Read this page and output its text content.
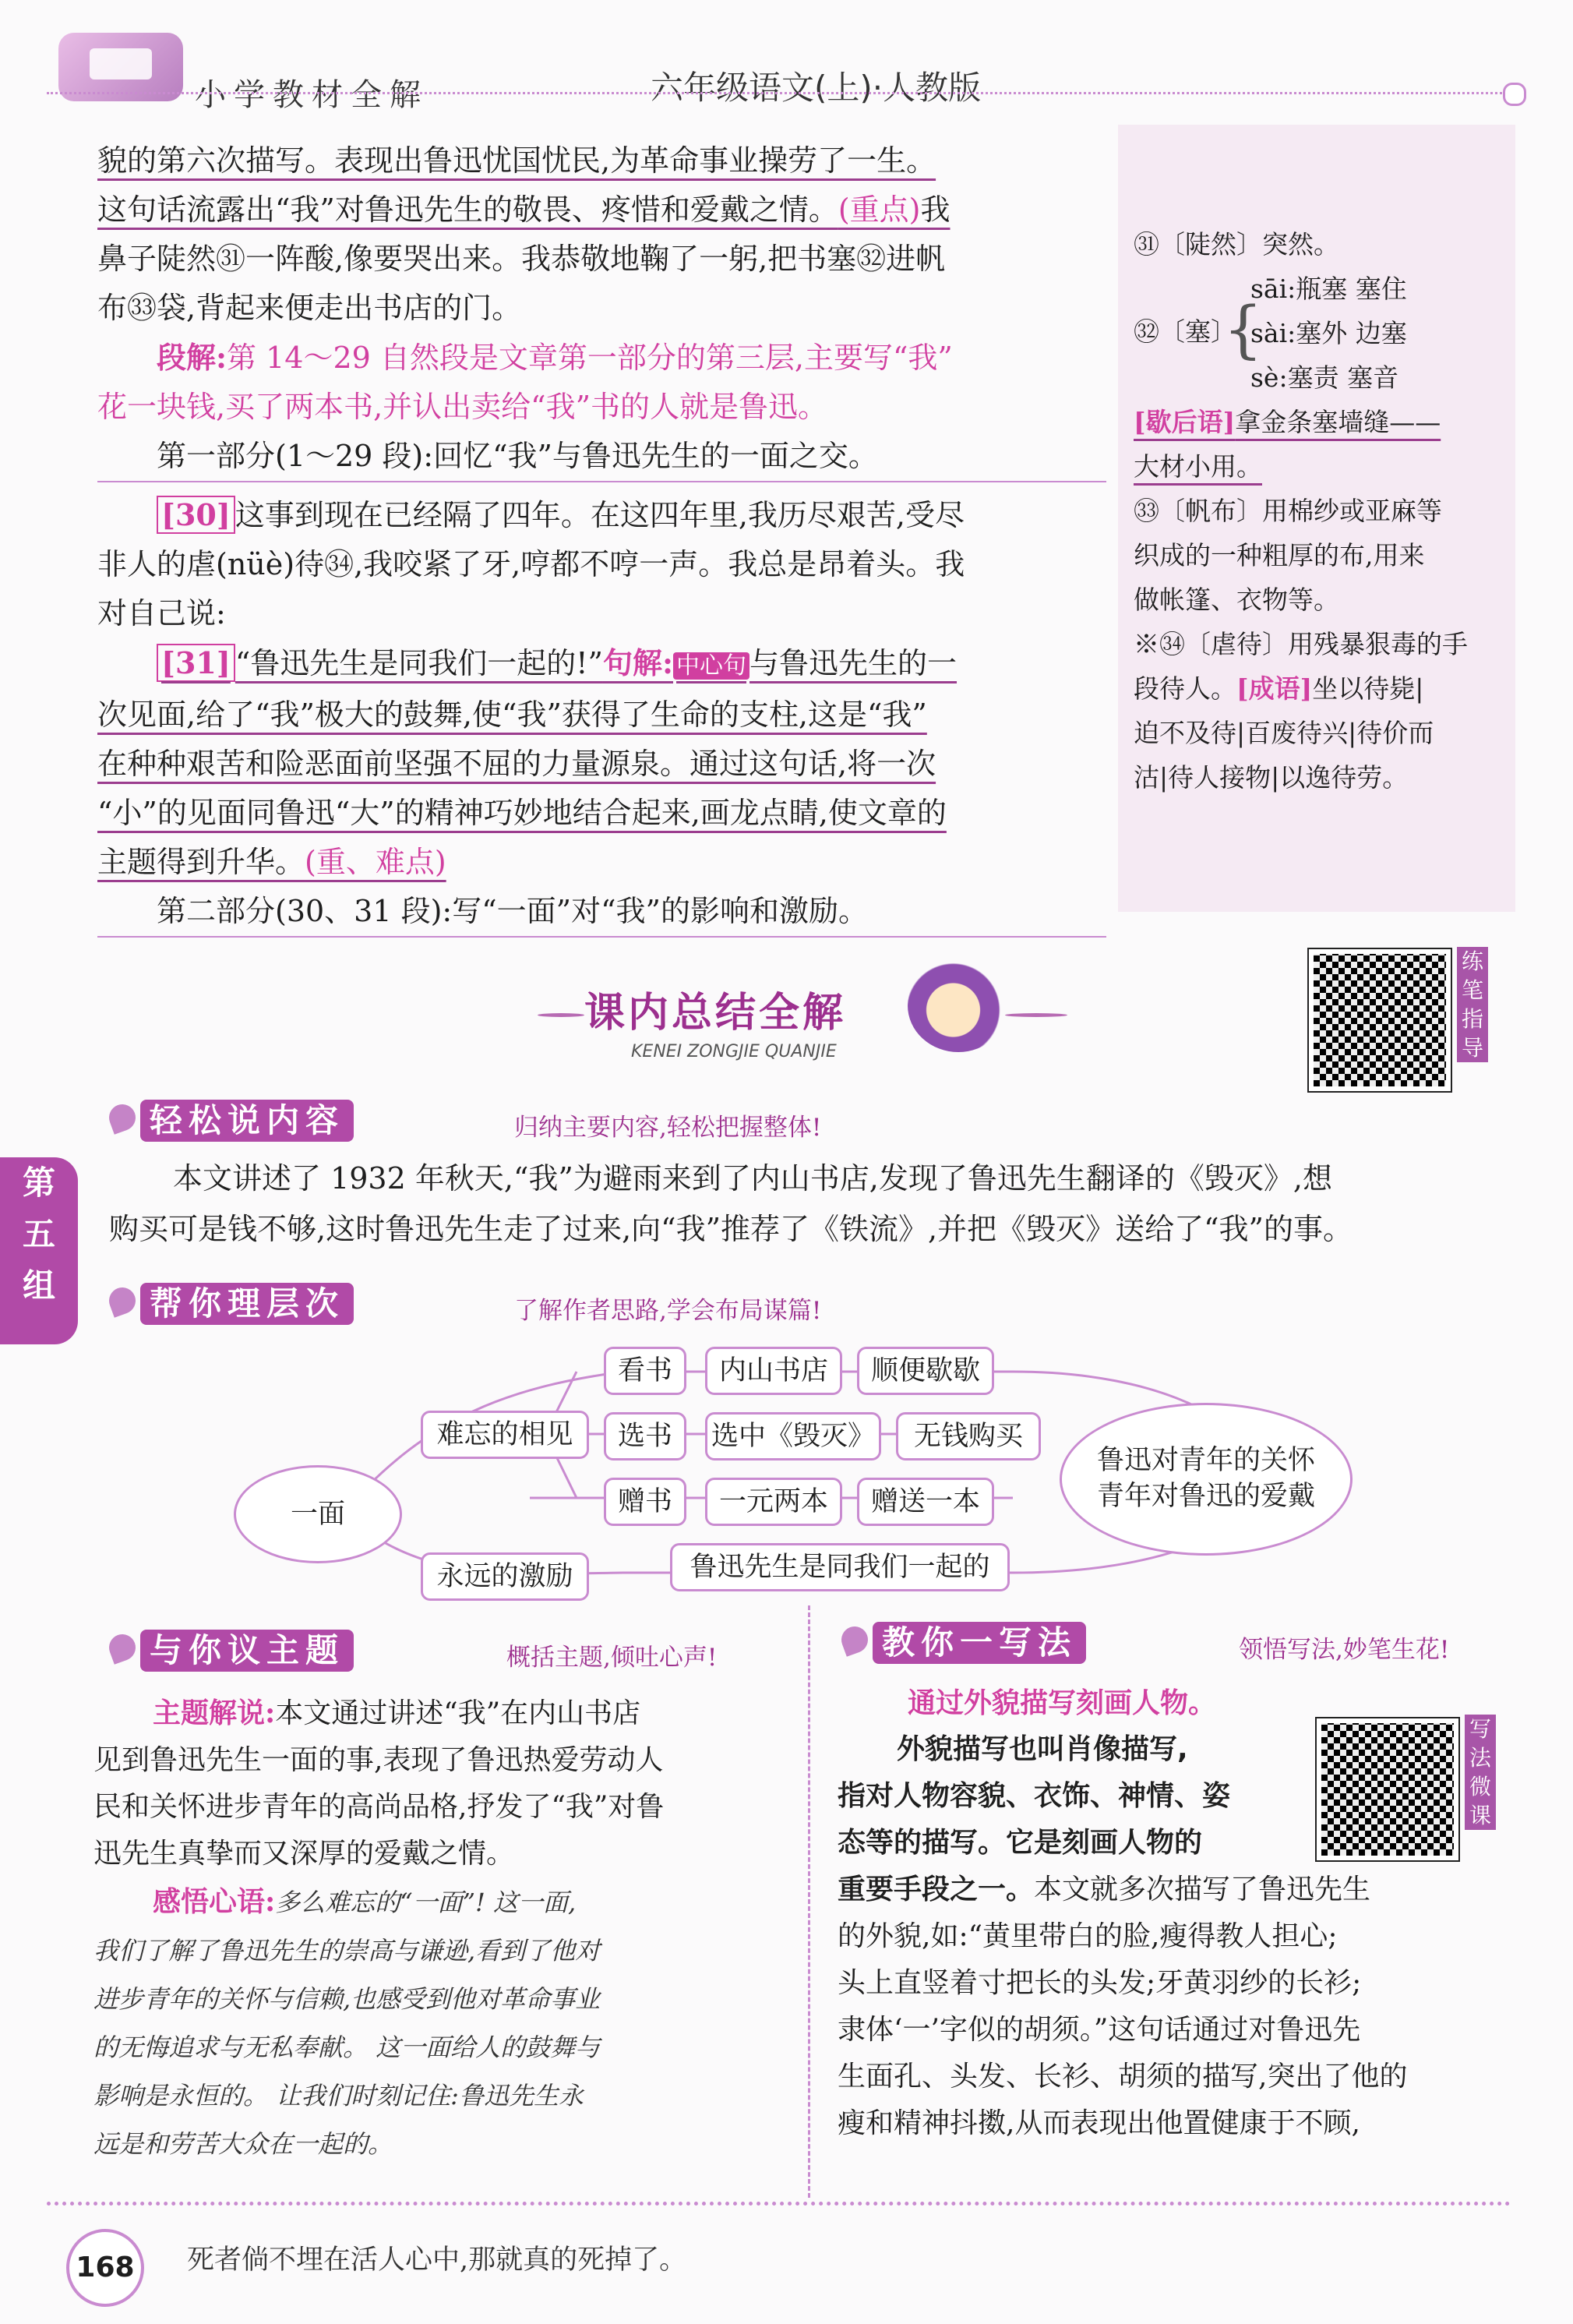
小学教材全解	六年级语文(上)·人教版

貌的第六次描写。表现出鲁迅忧国忧民,为革命事业操劳了一生。

这句话流露出“我”对鲁迅先生的敬畏、疼惜和爱戴之情。(重点)我

鼻子陡然㉛一阵酸,像要哭出来。我恭敬地鞠了一躬,把书塞㉜进帆

布㉝袋,背起来便走出书店的门。

段解:第 14～29 自然段是文章第一部分的第三层,主要写“我”

花一块钱,买了两本书,并认出卖给“我”书的人就是鲁迅。

第一部分(1～29 段):回忆“我”与鲁迅先生的一面之交。

[30] 这事到现在已经隔了四年。在这四年里,我历尽艰苦,受尽

非人的虐(nüè)待㉞,我咬紧了牙,哼都不哼一声。我总是昂着头。我

对自己说:

[31] “鲁迅先生是同我们一起的!”句解: 中心句 与鲁迅先生的一

次见面,给了“我”极大的鼓舞,使“我”获得了生命的支柱,这是“我”

在种种艰苦和险恶面前坚强不屈的力量源泉。通过这句话,将一次

“小”的见面同鲁迅“大”的精神巧妙地结合起来,画龙点睛,使文章的

主题得到升华。(重、难点)

第二部分(30、31 段):写“一面”对“我”的影响和激励。

㉛〔陡然〕突然。
㉜〔塞〕
{
sāi:瓶塞 塞住
sài:塞外 边塞
sè:塞责 塞音
[歇后语]拿金条塞墙缝——
大材小用。
㉝〔帆布〕用棉纱或亚麻等
织成的一种粗厚的布,用来
做帐篷、衣物等。
※㉞〔虐待〕用残暴狠毒的手
段待人。[成语]坐以待毙|
迫不及待|百废待兴|待价而
沽|待人接物|以逸待劳。
练笔指导
课内总结全解
KENEI ZONGJIE QUANJIE
第
五
组
轻松说内容	归纳主要内容,轻松把握整体!
本文讲述了 1932 年秋天,“我”为避雨来到了内山书店,发现了鲁迅先生翻译的《毁灭》,想
购买可是钱不够,这时鲁迅先生走了过来,向“我”推荐了《铁流》,并把《毁灭》送给了“我”的事。
帮你理层次	了解作者思路,学会布局谋篇!
一面
难忘的相见
永远的激励
看书	内山书店	顺便歇歇
选书	选中《毁灭》	无钱购买
赠书	一元两本	赠送一本
鲁迅先生是同我们一起的
鲁迅对青年的关怀
青年对鲁迅的爱戴
与你议主题	概括主题,倾吐心声!

主题解说:本文通过讲述“我”在内山书店

见到鲁迅先生一面的事,表现了鲁迅热爱劳动人

民和关怀进步青年的高尚品格,抒发了“我”对鲁

迅先生真挚而又深厚的爱戴之情。

感悟心语:多么难忘的“一面”! 这一面,

我们了解了鲁迅先生的崇高与谦逊,看到了他对

进步青年的关怀与信赖,也感受到他对革命事业

的无悔追求与无私奉献。 这一面给人的鼓舞与

影响是永恒的。 让我们时刻记住:鲁迅先生永

远是和劳苦大众在一起的。

教你一写法	领悟写法,妙笔生花!
写法微课

通过外貌描写刻画人物。

外貌描写也叫肖像描写,

指对人物容貌、衣饰、神情、姿

态等的描写。它是刻画人物的

重要手段之一。本文就多次描写了鲁迅先生

的外貌,如:“黄里带白的脸,瘦得教人担心;

头上直竖着寸把长的头发;牙黄羽纱的长衫;

隶体‘一’字似的胡须。”这句话通过对鲁迅先

生面孔、头发、长衫、胡须的描写,突出了他的

瘦和精神抖擞,从而表现出他置健康于不顾,

168	死者倘不埋在活人心中,那就真的死掉了。
